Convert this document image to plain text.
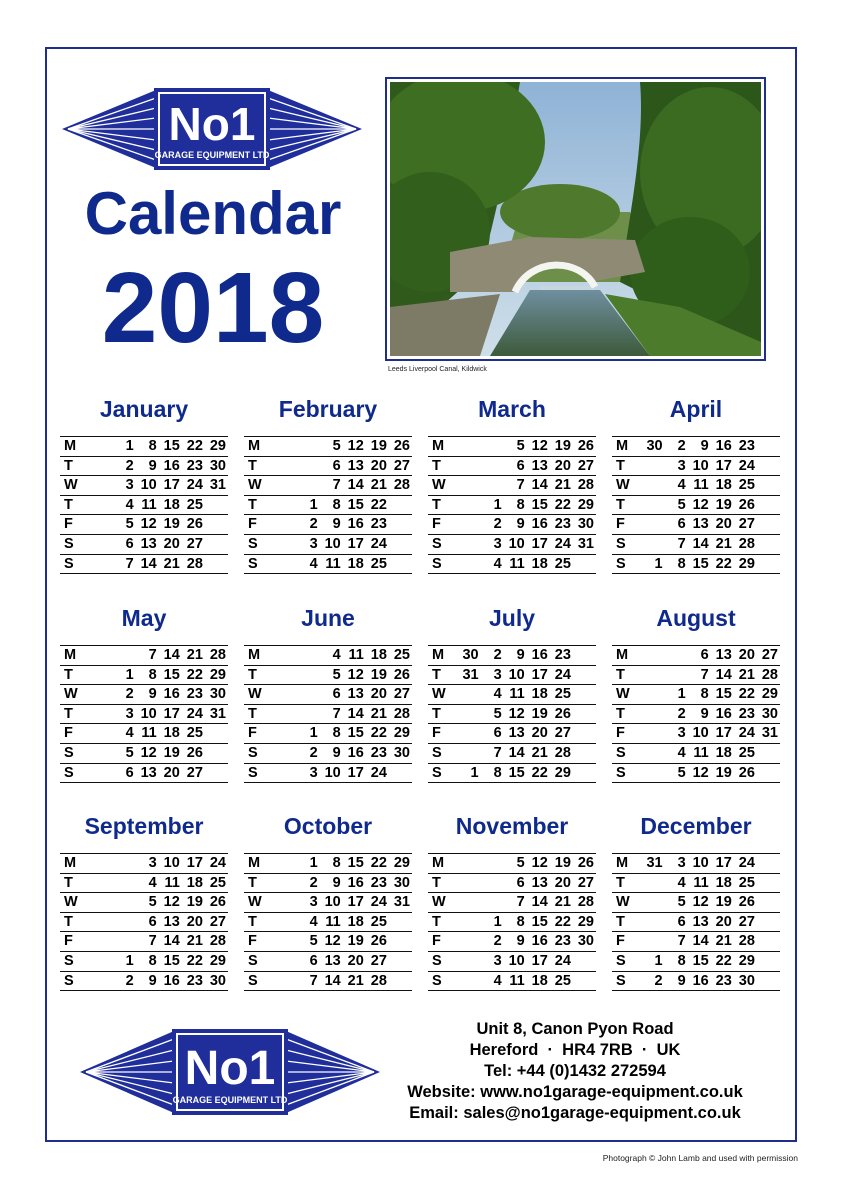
No1
GARAGE EQUIPMENT LTD
Calendar
2018
Leeds Liverpool Canal, Kildwick
January
M	1	8 15 22 29
T	2	9 16 23 30
W	3 10 17 24 31
T	4 11 18 25
F	5 12 19 26
S	6 13 20 27
S	7 14 21 28
February
M	5 12 19 26
T	6 13 20 27
W	7 14 21 28
T	1	8 15 22
F	2	9 16 23
S	3 10 17 24
S	4 11 18 25
March
M	5 12 19 26
T	6 13 20 27
W	7 14 21 28
T	1	8 15 22 29
F	2	9 16 23 30
S	3 10 17 24 31
S	4 11 18 25
April
M	30	2	9 16 23
T	3 10 17 24
W	4 11 18 25
T	5 12 19 26
F	6 13 20 27
S	7 14 21 28
S	1	8 15 22 29
May
M	7 14 21 28
T	1	8 15 22 29
W	2	9 16 23 30
T	3 10 17 24 31
F	4 11 18 25
S	5 12 19 26
S	6 13 20 27
June
M	4 11 18 25
T	5 12 19 26
W	6 13 20 27
T	7 14 21 28
F	1	8 15 22 29
S	2	9 16 23 30
S	3 10 17 24
July
M	30	2	9 16 23
T	31	3 10 17 24
W	4 11 18 25
T	5 12 19 26
F	6 13 20 27
S	7 14 21 28
S	1	8 15 22 29
August
M	6 13 20 27
T	7 14 21 28
W	1	8 15 22 29
T	2	9 16 23 30
F	3 10 17 24 31
S	4 11 18 25
S	5 12 19 26
September
M	3 10 17 24
T	4 11 18 25
W	5 12 19 26
T	6 13 20 27
F	7 14 21 28
S	1	8 15 22 29
S	2	9 16 23 30
October
M	1	8 15 22 29
T	2	9 16 23 30
W	3 10 17 24 31
T	4 11 18 25
F	5 12 19 26
S	6 13 20 27
S	7 14 21 28
November
M	5 12 19 26
T	6 13 20 27
W	7 14 21 28
T	1	8 15 22 29
F	2	9 16 23 30
S	3 10 17 24
S	4 11 18 25
December
M	31	3 10 17 24
T	4 11 18 25
W	5 12 19 26
T	6 13 20 27
F	7 14 21 28
S	1	8 15 22 29
S	2	9 16 23 30
No1
GARAGE EQUIPMENT LTD
Unit 8, Canon Pyon Road
Hereford  ·  HR4 7RB  ·  UK
Tel: +44 (0)1432 272594
Website: www.no1garage-equipment.co.uk
Email: sales@no1garage-equipment.co.uk
Photograph © John Lamb and used with permission
